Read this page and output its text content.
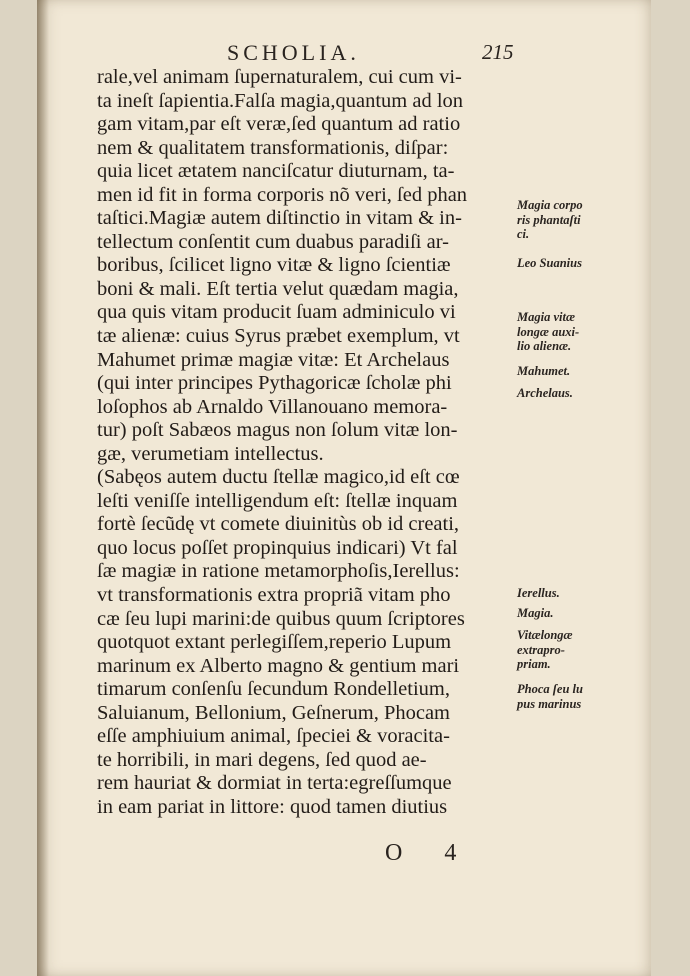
SCHOLIA.	215
rale,vel animam ſupernaturalem, cui cum vi-
ta ineſt ſapientia.Falſa magia,quantum ad lon
gam vitam,par eſt veræ,ſed quantum ad ratio
nem & qualitatem transformationis, diſpar:
quia licet ætatem nanciſcatur diuturnam, ta-
men id fit in forma corporis nõ veri, ſed phan
taſtici.Magiæ autem diſtinctio in vitam & in-
tellectum conſentit cum duabus paradiſi ar-
boribus, ſcilicet ligno vitæ & ligno ſcientiæ
boni & mali. Eſt tertia velut quædam magia,
qua quis vitam producit ſuam adminiculo vi
tæ alienæ: cuius Syrus præbet exemplum, vt
Mahumet primæ magiæ vitæ: Et Archelaus
(qui inter principes Pythagoricæ ſcholæ phi
loſophos ab Arnaldo Villanouano memora-
tur) poſt Sabæos magus non ſolum vitæ lon-
gæ, verumetiam intellectus.
(Sabęos autem ductu ſtellæ magico,id eſt cœ
leſti veniſſe intelligendum eſt: ſtellæ inquam
fortè ſecũdę vt comete diuinitùs ob id creati,
quo locus poſſet propinquius indicari) Vt fal
ſæ magiæ in ratione metamorphoſis,Ierellus:
vt transformationis extra propriã vitam pho
cæ ſeu lupi marini:de quibus quum ſcriptores
quotquot extant perlegiſſem,reperio Lupum
marinum ex Alberto magno & gentium mari
timarum conſenſu ſecundum Rondelletium,
Saluianum, Bellonium, Geſnerum, Phocam
eſſe amphiuium animal, ſpeciei & voracita-
te horribili, in mari degens, ſed quod ae-
rem hauriat & dormiat in terta:egreſſumque
in eam pariat in littore: quod tamen diutius
Magia corpo
ris phantaſti
ci.
Leo Suanius
Magia vitæ
longæ auxi-
lio alienæ.
Mahumet.
Archelaus.
Ierellus.
Magia.
Vitælongæ
extrapro-
priam.
Phoca ſeu lu
pus marinus
O 4
